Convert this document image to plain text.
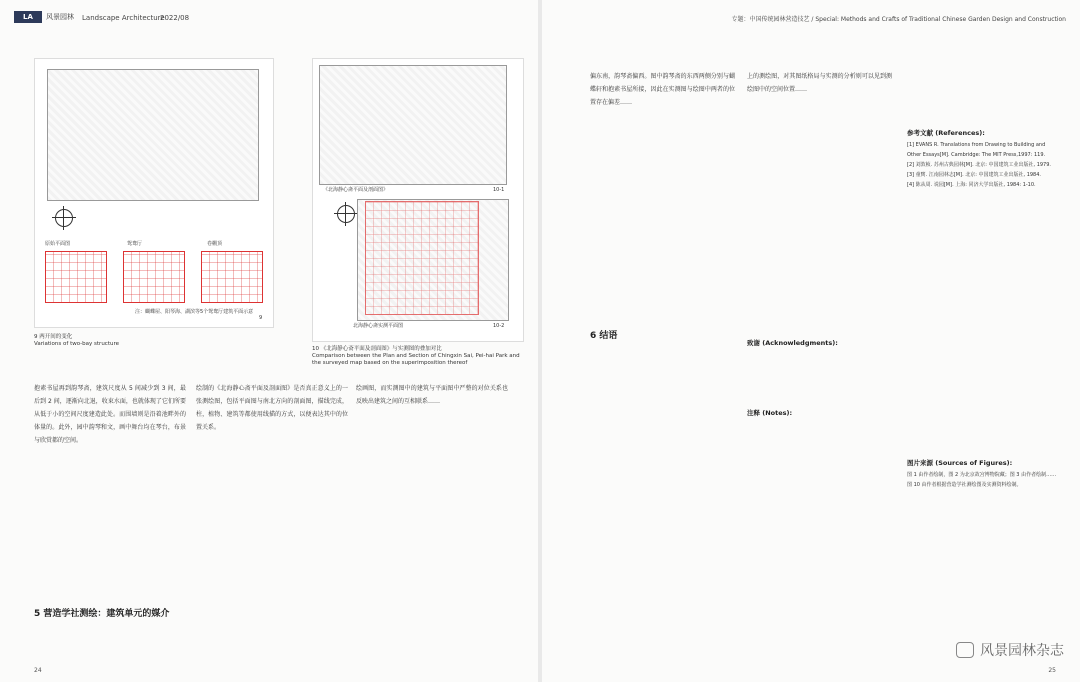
LA	风景园林 Landscape Architecture
2022/08
原始平面图	鸳鸯厅	卷棚顶
注：蝴蝶屋、阳琴海、湖滨等5个鸳鸯厅建筑平面示意
9
9 两开间的变化
Variations of two-bay structure
《北海静心斋平面及剖面图》	10-1
北海静心斋实测平面图	10-2
10 《北海静心斋平面及剖面图》与实测图的叠加对比
Comparison between the Plan and Section of Chingxin Sai, Pei-hai Park and the surveyed map based on the superimposition thereof
抱素书屋再到韵琴斋，建筑尺度从 5 间减少到 3 间，最后到 2 间，逐渐向北退，收束水面，也就体现了它们所要从低于小的空间尺度建造此处。而围墙则是沿着池畔外的体量的。此外，园中韵琴和文，画中舞台均在琴台，布景与欣赏都的空间。
5 营造学社测绘：建筑单元的媒介
绘制的《北海静心斋平面及剖面图》是否真正意义上的一张测绘图，包括平面图与南北方向的剖面图，描线完成，柱，植物、建筑等都使用线描的方式，以便表达其中的位置关系。
绘画图，而实测图中的建筑与平面图中严整的对位关系也反映出建筑之间的互相联系……
24
专题：中国传统园林营造技艺 / Special: Methods and Crafts of Traditional Chinese Garden Design and Construction
偏东南，韵琴斋偏西。图中韵琴斋的东西两侧分别与蝴蝶轩和抱素书屋所接，因此在实测图与绘图中两者的位置存在偏差……
6 结语
上的测绘图，对其图纸格局与实测的分析则可以见到测绘图中的空间位置……
致谢 (Acknowledgments):
注释 (Notes):
参考文献 (References):
[1] EVANS R. Translations from Drawing to Building and Other Essays[M]. Cambridge: The MIT Press,1997: 119.
[2] 刘敦桢. 苏州古典园林[M]. 北京: 中国建筑工业出版社, 1979.
[3] 童寯. 江南园林志[M]. 北京: 中国建筑工业出版社, 1984.
[4] 陈从周. 说园[M]. 上海: 同济大学出版社, 1984: 1-10.
图片来源 (Sources of Figures):
图 1 由作者绘制，图 2 为北京故宫博物院藏；图 3 由作者绘制……图 10 由作者根据营造学社测绘图及实测资料绘制。
风景园林杂志
25
